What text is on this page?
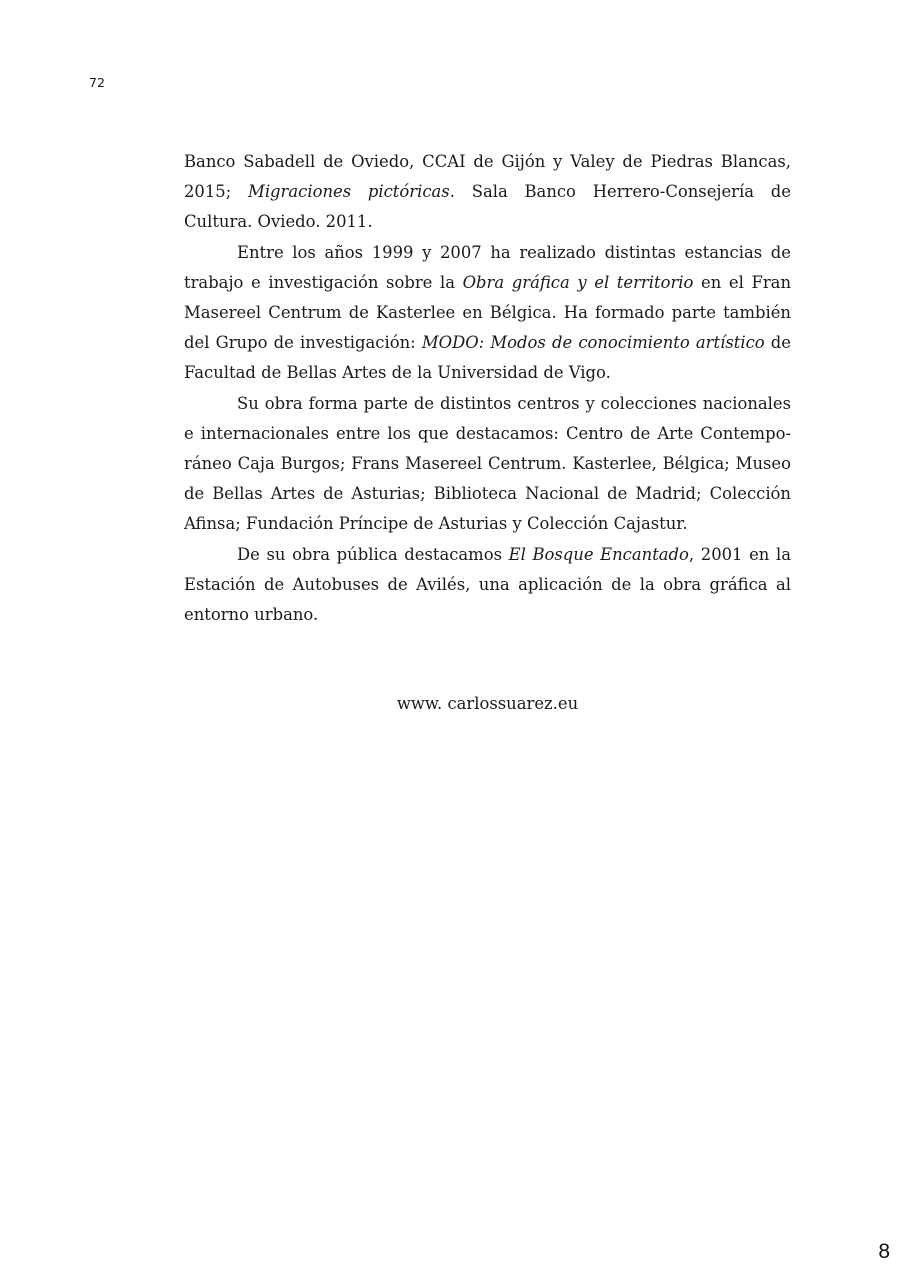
72

Banco Sabadell de Oviedo, CCAI de Gijón y Valey de Piedras Blancas, 2015; Migraciones pictóricas. Sala Banco Herrero-Consejería de Cultura. Oviedo. 2011.

Entre los años 1999 y 2007 ha realizado distintas estancias de trabajo e investigación sobre la Obra gráfica y el territorio en el Fran Masereel Centrum de Kasterlee en Bélgica. Ha formado parte también del Grupo de investigación: MODO: Modos de conocimiento artístico de Facultad de Bellas Artes de la Universidad de Vigo.

Su obra forma parte de distintos centros y colecciones nacionales e internacionales entre los que destacamos: Centro de Arte Contemporáneo Caja Burgos; Frans Masereel Centrum. Kasterlee, Bélgica; Museo de Bellas Artes de Asturias; Biblioteca Nacional de Madrid; Colección Afinsa; Fundación Príncipe de Asturias y Colección Cajastur.

De su obra pública destacamos El Bosque Encantado, 2001 en la Estación de Autobuses de Avilés, una aplicación de la obra gráfica al entorno urbano.

www. carlossuarez.eu
8
